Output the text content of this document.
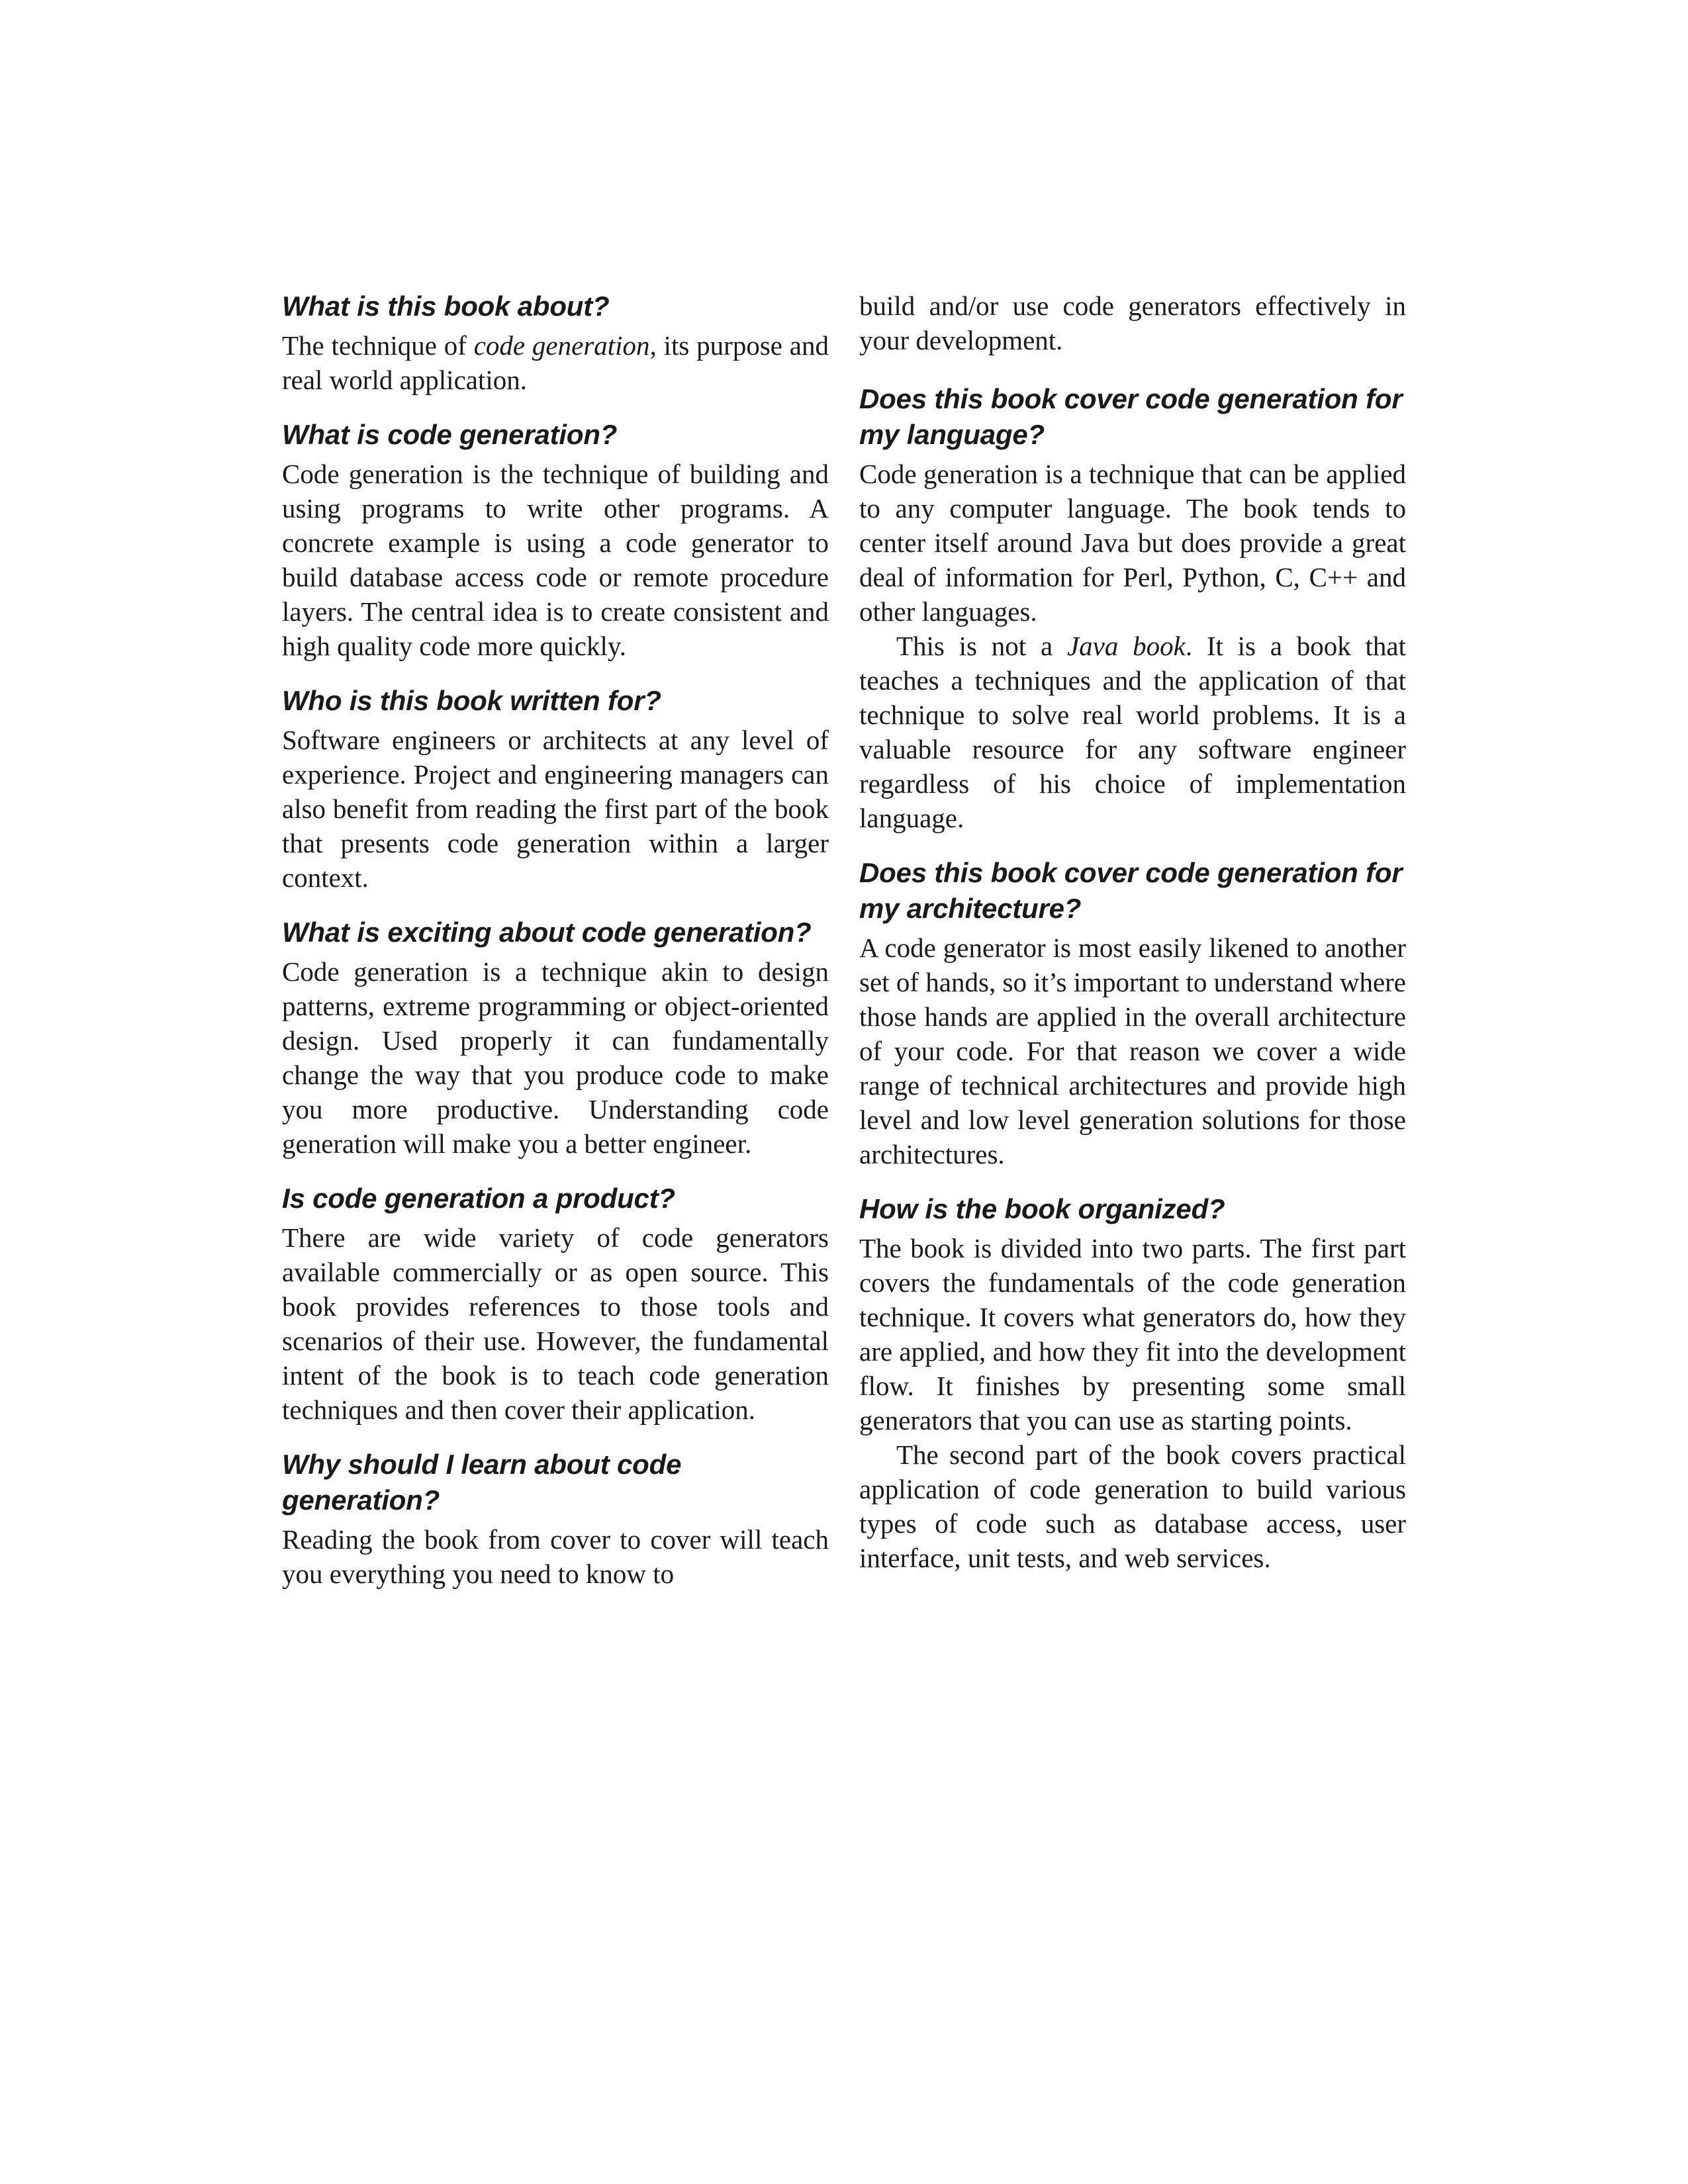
What is this book about?

The technique of code generation, its purpose and real world application.

What is code generation?

Code generation is the technique of building and using programs to write other programs. A concrete example is using a code generator to build database access code or remote procedure layers. The central idea is to create consistent and high quality code more quickly.

Who is this book written for?

Software engineers or architects at any level of experience. Project and engineering managers can also benefit from reading the first part of the book that presents code generation within a larger context.

What is exciting about code generation?

Code generation is a technique akin to design patterns, extreme programming or object-oriented design. Used properly it can fundamentally change the way that you produce code to make you more productive. Understanding code generation will make you a better engineer.

Is code generation a product?

There are wide variety of code generators available commercially or as open source. This book provides references to those tools and scenarios of their use. However, the fundamental intent of the book is to teach code generation techniques and then cover their application.

Why should I learn about code generation?

Reading the book from cover to cover will teach you everything you need to know to

build and/or use code generators effectively in your development.

Does this book cover code generation for my language?

Code generation is a technique that can be applied to any computer language. The book tends to center itself around Java but does provide a great deal of information for Perl, Python, C, C++ and other languages.

This is not a Java book. It is a book that teaches a techniques and the application of that technique to solve real world problems. It is a valuable resource for any software engineer regardless of his choice of implementation language.

Does this book cover code generation for my architecture?

A code generator is most easily likened to another set of hands, so it’s important to understand where those hands are applied in the overall architecture of your code. For that reason we cover a wide range of technical architectures and provide high level and low level generation solutions for those architectures.

How is the book organized?

The book is divided into two parts. The first part covers the fundamentals of the code generation technique. It covers what generators do, how they are applied, and how they fit into the development flow. It finishes by presenting some small generators that you can use as starting points.

The second part of the book covers practical application of code generation to build various types of code such as database access, user interface, unit tests, and web services.
